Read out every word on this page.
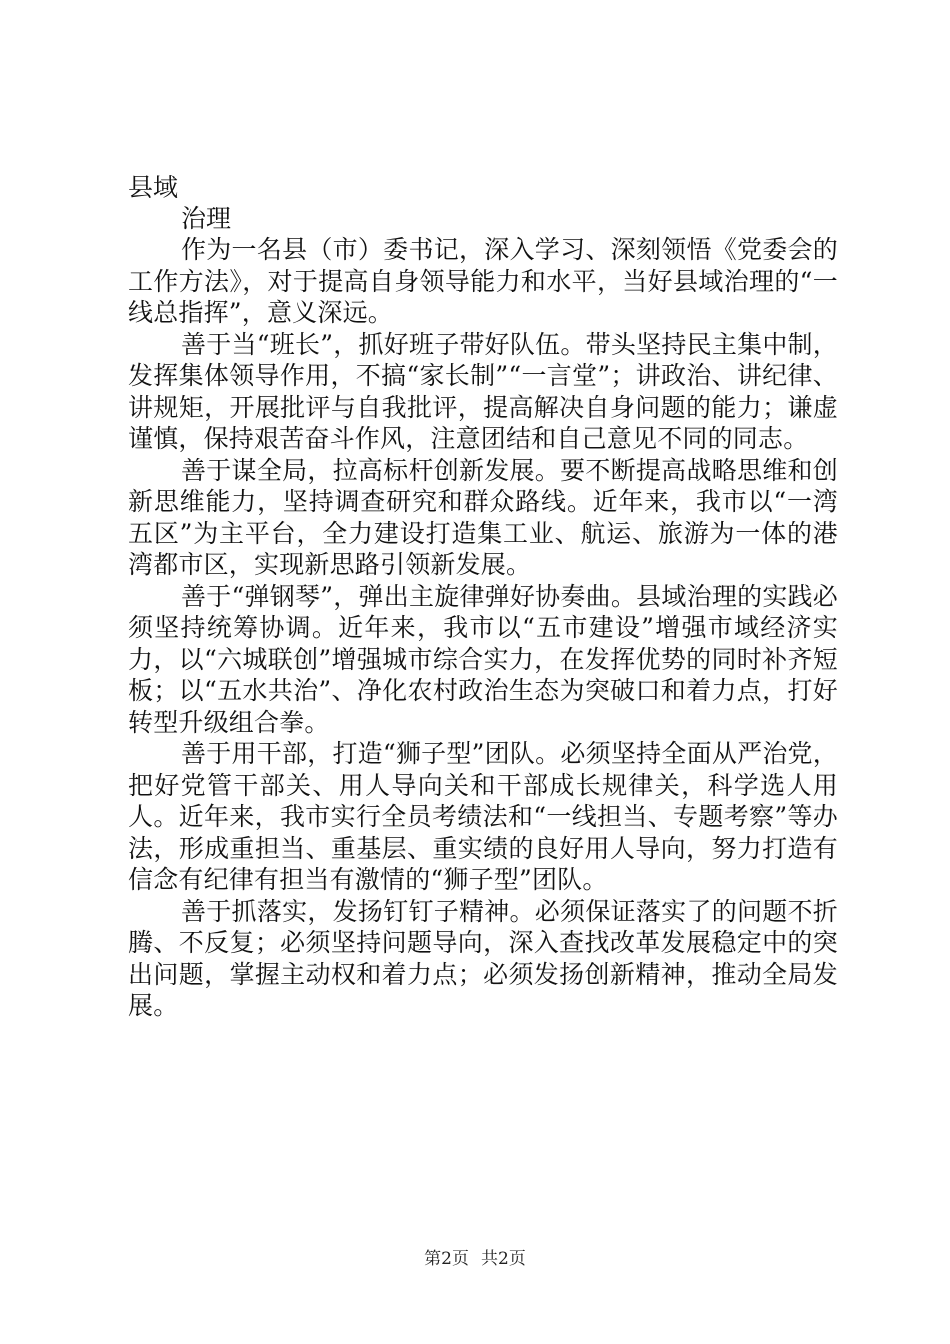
县域

治理

作为一名县（市）委书记，深入学习、深刻领悟《党委会的工作方法》，对于提高自身领导能力和水平，当好县域治理的“一线总指挥”，意义深远。

善于当“班长”，抓好班子带好队伍。带头坚持民主集中制，发挥集体领导作用，不搞“家长制”“一言堂”；讲政治、讲纪律、讲规矩，开展批评与自我批评，提高解决自身问题的能力；谦虚谨慎，保持艰苦奋斗作风，注意团结和自己意见不同的同志。

善于谋全局，拉高标杆创新发展。要不断提高战略思维和创新思维能力，坚持调查研究和群众路线。近年来，我市以“一湾五区”为主平台，全力建设打造集工业、航运、旅游为一体的港湾都市区，实现新思路引领新发展。

善于“弹钢琴”，弹出主旋律弹好协奏曲。县域治理的实践必须坚持统筹协调。近年来，我市以“五市建设”增强市域经济实力，以“六城联创”增强城市综合实力，在发挥优势的同时补齐短板；以“五水共治”、净化农村政治生态为突破口和着力点，打好转型升级组合拳。

善于用干部，打造“狮子型”团队。必须坚持全面从严治党，把好党管干部关、用人导向关和干部成长规律关，科学选人用人。近年来，我市实行全员考绩法和“一线担当、专题考察”等办法，形成重担当、重基层、重实绩的良好用人导向，努力打造有信念有纪律有担当有激情的“狮子型”团队。

善于抓落实，发扬钉钉子精神。必须保证落实了的问题不折腾、不反复；必须坚持问题导向，深入查找改革发展稳定中的突出问题，掌握主动权和着力点；必须发扬创新精神，推动全局发展。

第2页 共2页
